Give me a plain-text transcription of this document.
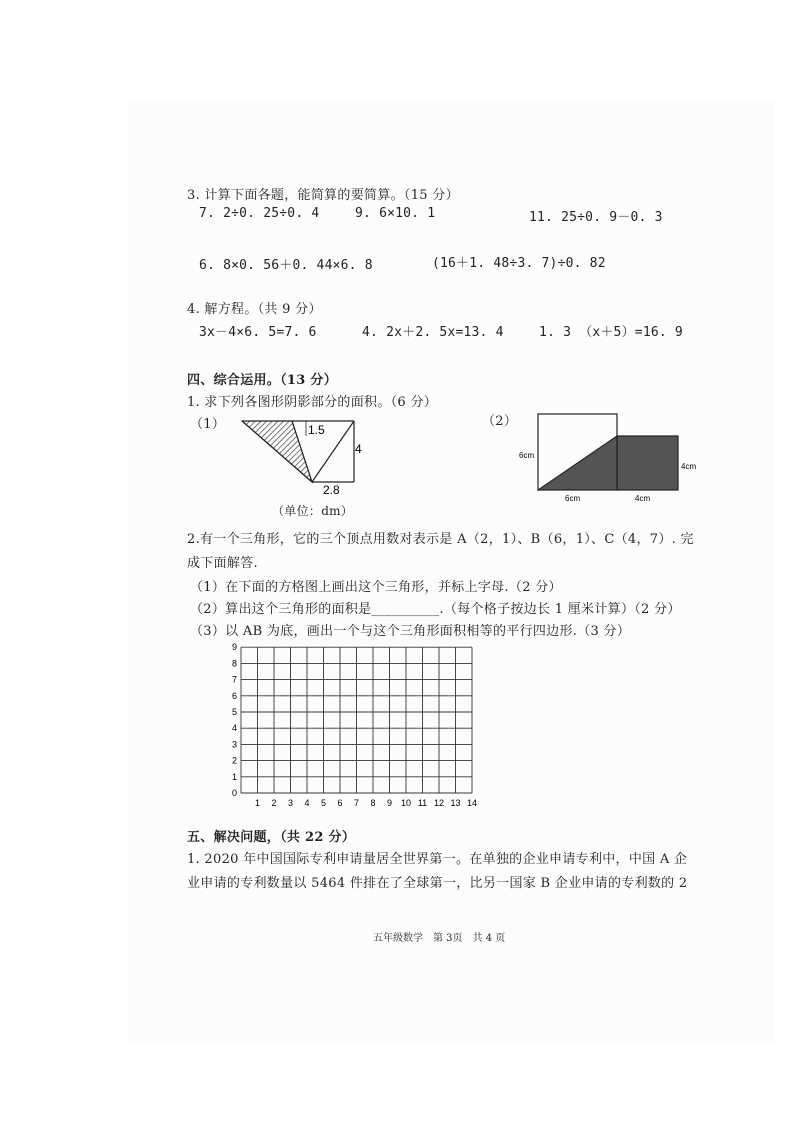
3. 计算下面各题，能简算的要简算。（15 分）
7. 2÷0. 25÷0. 4	9. 6×10. 1	11. 25÷0. 9－0. 3
6. 8×0. 56＋0. 44×6. 8	(16＋1. 48÷3. 7)÷0. 82
4. 解方程。（共 9 分）
3x－4×6. 5=7. 6	4. 2x＋2. 5x=13. 4	1. 3 （x＋5）=16. 9
四、综合运用。（13 分）
1. 求下列各图形阴影部分的面积。（6 分）
（1）	1.5
4
2.8
（单位：dm）
（2）
6cm
6cm	4cm
4cm
2.有一个三角形，它的三个顶点用数对表示是 A（2，1）、B（6，1）、C（4，7）. 完
成下面解答.
（1）在下面的方格图上画出这个三角形，并标上字母.（2 分）
（2）算出这个三角形的面积是__________.（每个格子按边长 1 厘米计算）（2 分）
（3）以 AB 为底，画出一个与这个三角形面积相等的平行四边形.（3 分）
1 2 3 4 5 6 7 8 9 10 11 12 13 14
0
1
2
3
4
5
6
7
8
9
五、解决问题，（共 22 分）
1. 2020 年中国国际专利申请量居全世界第一。在单独的企业申请专利中，中国 A 企
业申请的专利数量以 5464 件排在了全球第一，比另一国家 B 企业申请的专利数的 2
五年级数学　第 3页　共 4 页
